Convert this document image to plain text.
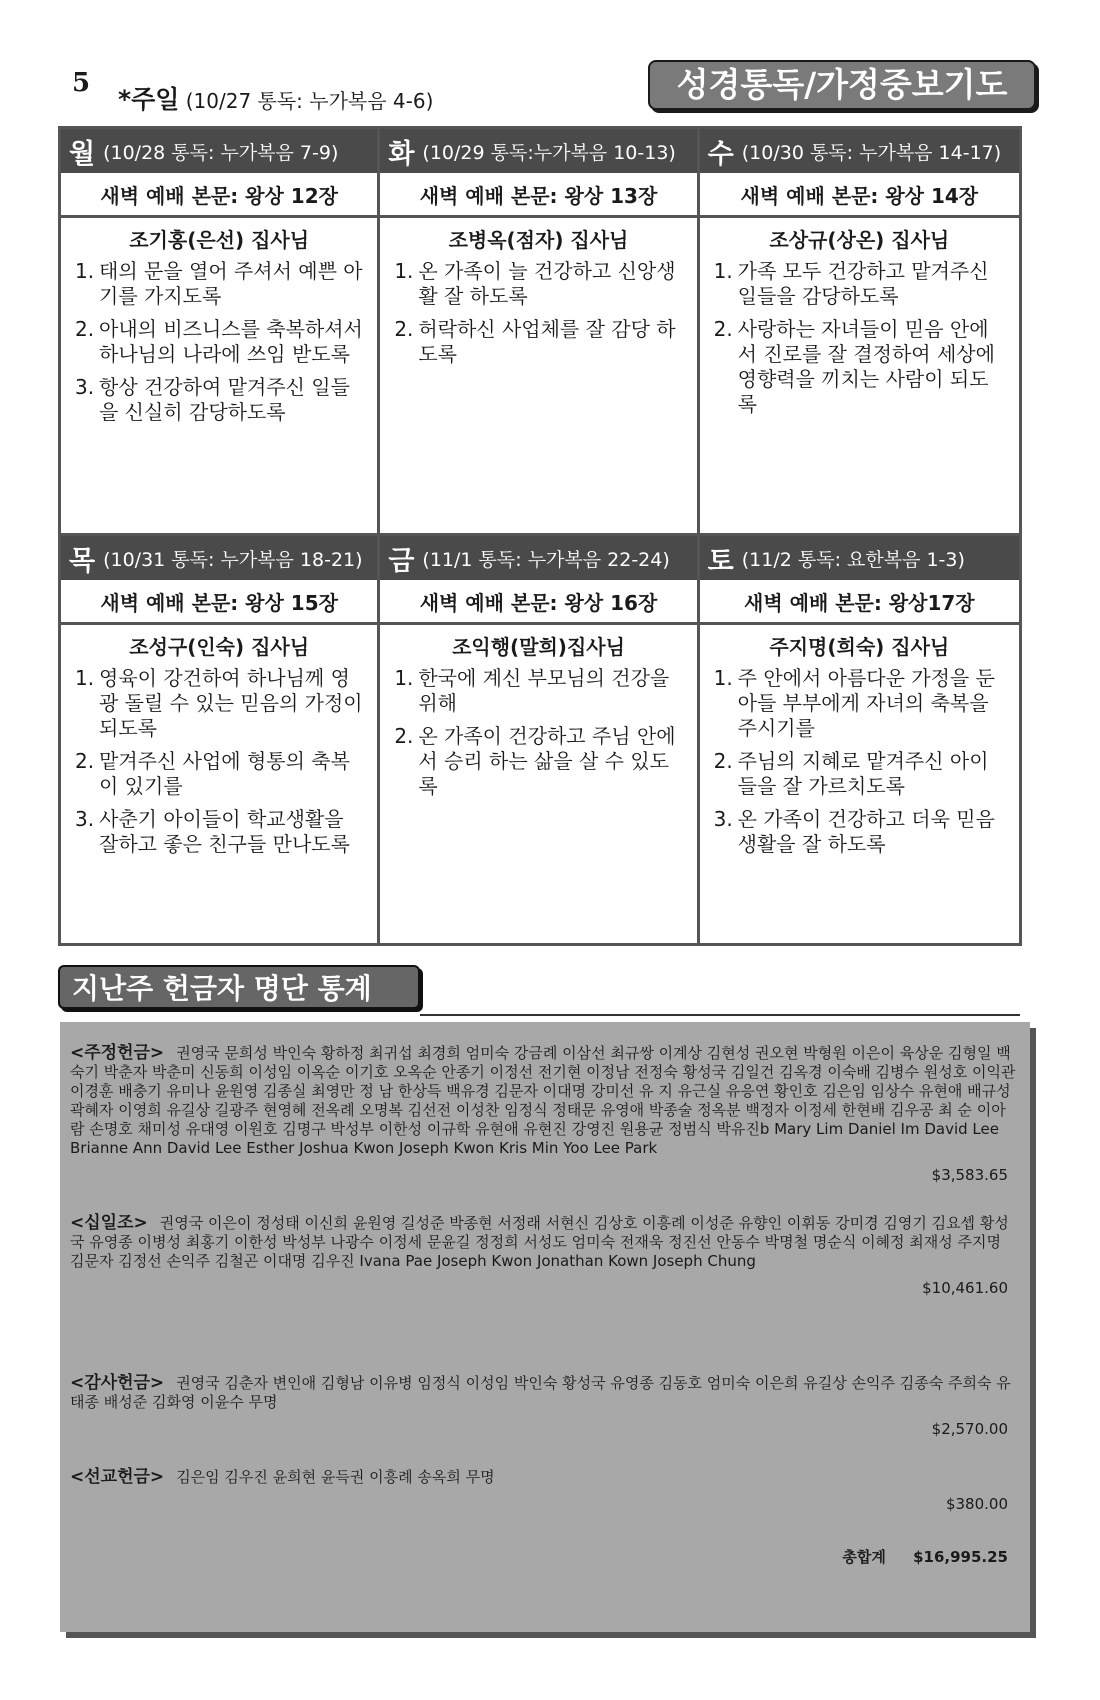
5
*주일 (10/27 통독: 누가복음 4-6)	성경통독/가정중보기도
월 (10/28 통독: 누가복음 7-9)
새벽 예배 본문: 왕상 12장
조기홍(은선) 집사님
1. 태의 문을 열어 주셔서 예쁜 아기를 가지도록
2. 아내의 비즈니스를 축복하셔서 하나님의 나라에 쓰임 받도록
3. 항상 건강하여 맡겨주신 일들을 신실히 감당하도록
화 (10/29 통독:누가복음 10-13)
새벽 예배 본문: 왕상 13장
조병옥(점자) 집사님
1. 온 가족이 늘 건강하고 신앙생활 잘 하도록
2. 허락하신 사업체를 잘 감당 하도록
수 (10/30 통독: 누가복음 14-17)
새벽 예배 본문: 왕상 14장
조상규(상온) 집사님
1. 가족 모두 건강하고 맡겨주신 일들을 감당하도록
2. 사랑하는 자녀들이 믿음 안에서 진로를 잘 결정하여 세상에 영향력을 끼치는 사람이 되도록
목 (10/31 통독: 누가복음 18-21)
새벽 예배 본문: 왕상 15장
조성구(인숙) 집사님
1. 영육이 강건하여 하나님께 영광 돌릴 수 있는 믿음의 가정이 되도록
2. 맡겨주신 사업에 형통의 축복이 있기를
3. 사춘기 아이들이 학교생활을 잘하고 좋은 친구들 만나도록
금 (11/1 통독: 누가복음 22-24)
새벽 예배 본문: 왕상 16장
조익행(말희)집사님
1. 한국에 계신 부모님의 건강을 위해
2. 온 가족이 건강하고 주님 안에서 승리 하는 삶을 살 수 있도록
토 (11/2 통독: 요한복음 1-3)
새벽 예배 본문: 왕상17장
주지명(희숙) 집사님
1. 주 안에서 아름다운 가정을 둔 아들 부부에게 자녀의 축복을 주시기를
2. 주님의 지혜로 맡겨주신 아이들을 잘 가르치도록
3. 온 가족이 건강하고 더욱 믿음 생활을 잘 하도록
지난주 헌금자 명단 통계

<주정헌금> 권영국 문희성 박인숙 황하정 최귀섭 최경희 엄미숙 강금례 이삼선 최규쌍 이계상 김현성 권오현 박형원 이은이 육상운 김형일 백숙기 박춘자 박춘미 신동희 이성임 이옥순 이기호 오옥순 안종기 이정선 전기현 이정남 전정숙 황성국 김일건 김옥경 이숙배 김병수 원성호 이익관 이경훈 배충기 유미나 윤원영 김종실 최영만 정 남 한상득 백유경 김문자 이대명 강미선 유 지 유근실 유응연 황인호 김은임 임상수 유현애 배규성 곽혜자 이영희 유길상 길광주 현영혜 전옥례 오명복 김선전 이성찬 임정식 정태문 유영애 박종술 정옥분 백정자 이정세 한현배 김우공 최 순 이아람 손명호 채미성 유대영 이원호 김명구 박성부 이한성 이규학 유현애 유현진 강영진 원용균 정범식 박유진b Mary Lim Daniel Im David Lee Brianne Ann David Lee Esther Joshua Kwon Joseph Kwon Kris Min Yoo Lee Park

$3,583.65

<십일조> 권영국 이은이 정성태 이신희 윤원영 길성준 박종현 서정래 서현신 김상호 이흥례 이성준 유향인 이휘동 강미경 김영기 김요셉 황성국 유영종 이병성 최홍기 이한성 박성부 나광수 이정세 문윤길 정정희 서성도 엄미숙 전재욱 정진선 안동수 박명철 명순식 이혜정 최재성 주지명 김문자 김정선 손익주 김철곤 이대명 김우진 Ivana Pae Joseph Kwon Jonathan Kown Joseph Chung

$10,461.60

<감사헌금> 권영국 김춘자 변인애 김형남 이유병 임정식 이성임 박인숙 황성국 유영종 김동호 엄미숙 이은희 유길상 손익주 김종숙 주희숙 유태종 배성준 김화영 이윤수 무명

$2,570.00

<선교헌금> 김은임 김우진 윤희현 윤득권 이흥례 송옥희 무명

$380.00

총합계 $16,995.25
